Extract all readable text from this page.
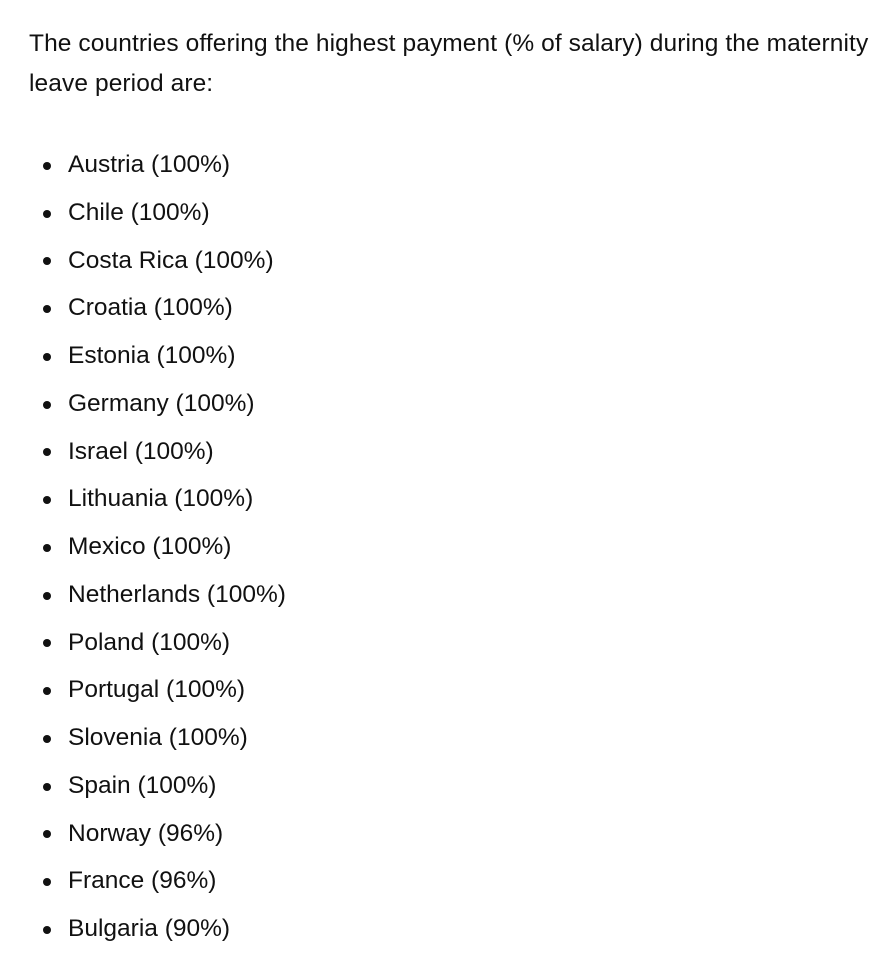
The countries offering the highest payment (% of salary) during the maternity leave period are:

Austria (100%)
Chile (100%)
Costa Rica (100%)
Croatia (100%)
Estonia (100%)
Germany (100%)
Israel (100%)
Lithuania (100%)
Mexico (100%)
Netherlands (100%)
Poland (100%)
Portugal (100%)
Slovenia (100%)
Spain (100%)
Norway (96%)
France (96%)
Bulgaria (90%)
